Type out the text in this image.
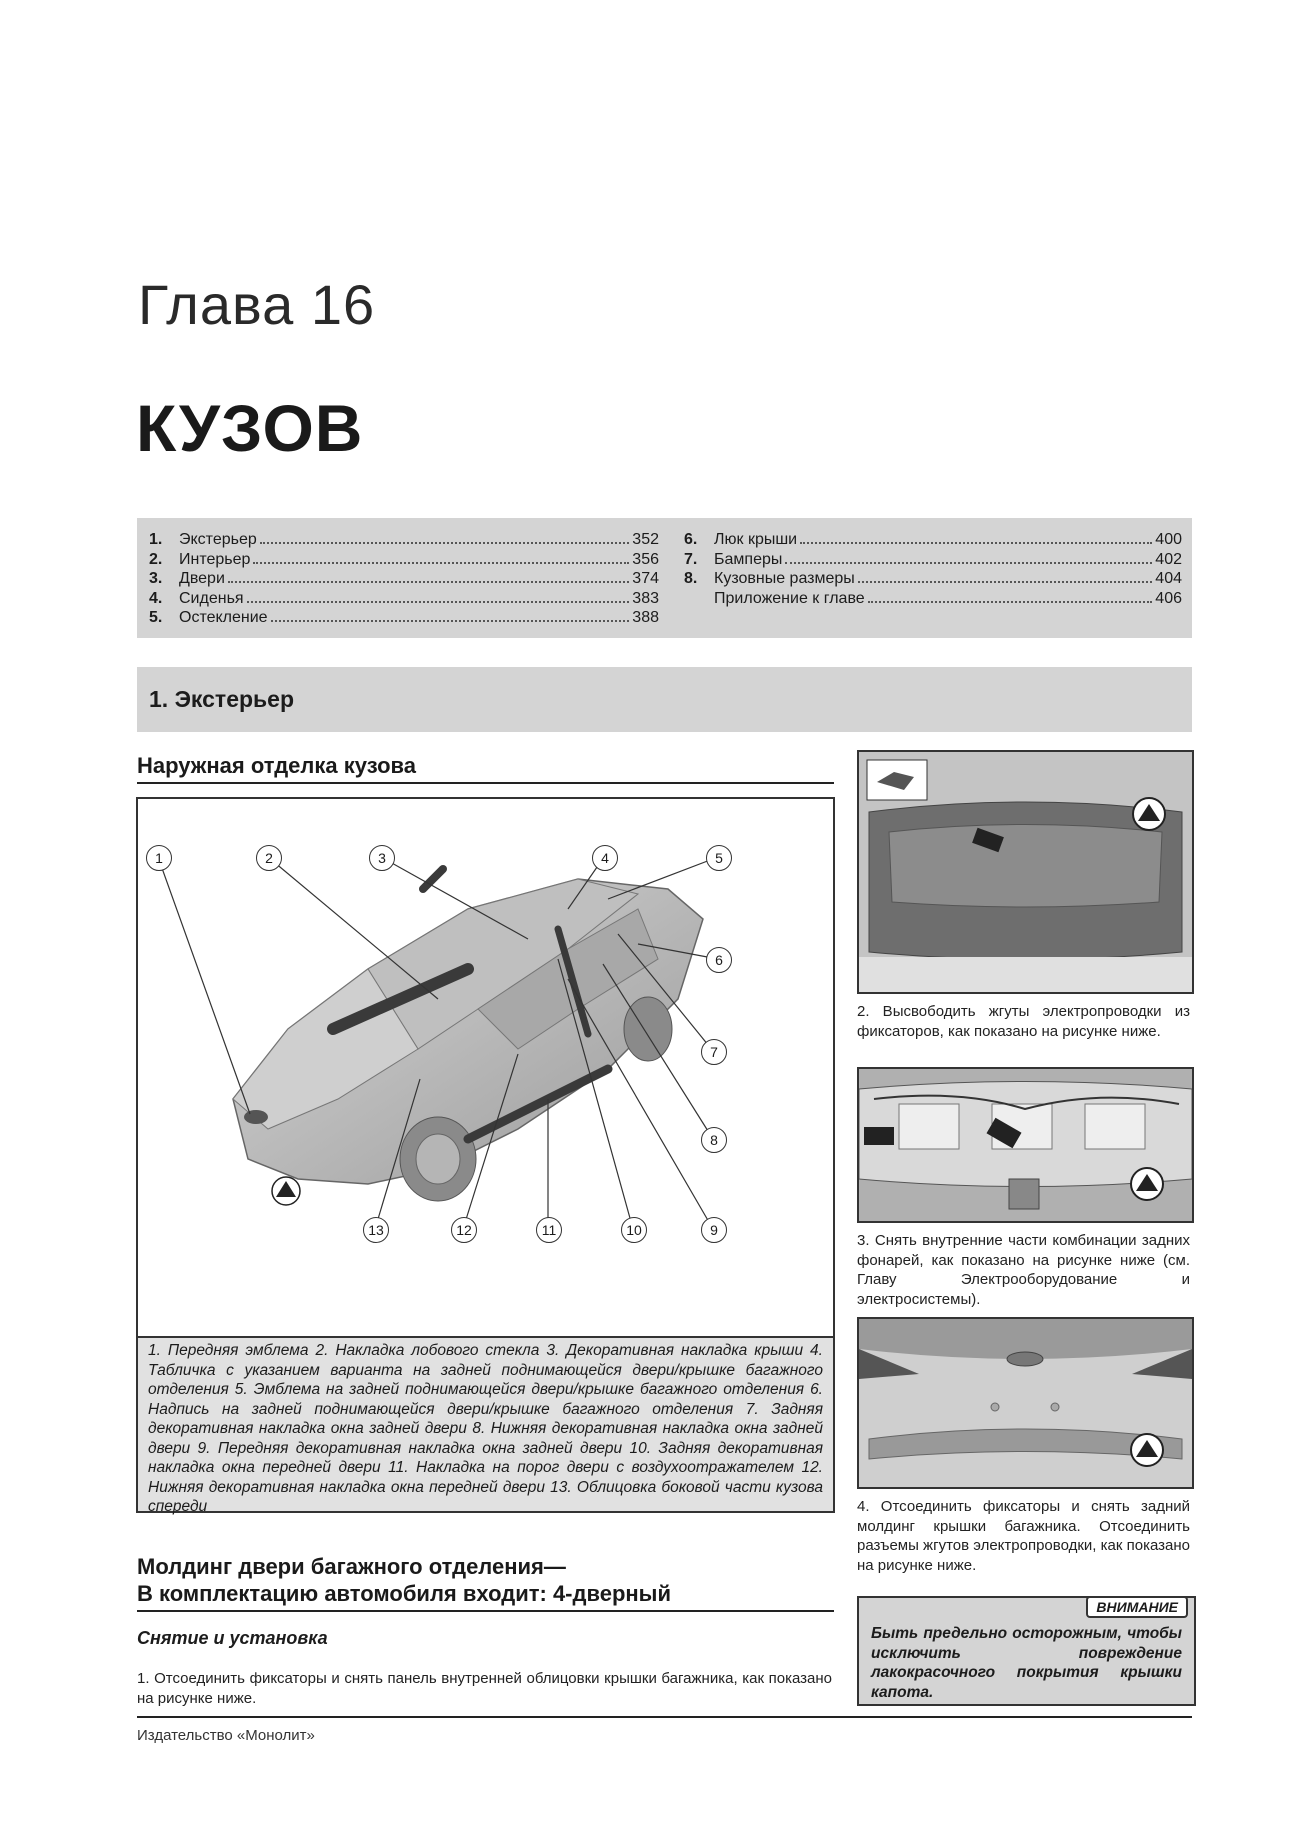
Глава 16
КУЗОВ
1.	Экстерьер	352
2.	Интерьер	356
3.	Двери	374
4.	Сиденья	383
5.	Остекление	388
6.	Люк крыши	400
7.	Бамперы	402
8.	Кузовные размеры	404
Приложение к главе	406
1. Экстерьер
Наружная отделка кузова
1	2	3	4	5
6
7
8
9
10
11
12
13
1. Передняя эмблема 2. Накладка лобового стекла 3. Декоративная накладка крыши 4. Табличка с указанием варианта на задней поднимающейся двери/крышке багажного отделения 5. Эмблема на задней поднимающейся двери/крышке багажного отделения 6. Надпись на задней поднимающейся двери/крышке багажного отделения 7. Задняя декоративная накладка окна задней двери 8. Нижняя декоративная накладка окна задней двери 9. Передняя декоративная накладка окна задней двери 10. Задняя декоративная накладка окна передней двери 11. Накладка на порог двери с воздухоотражателем 12. Нижняя декоративная накладка окна передней двери 13. Облицовка боковой части кузова спереди
Молдинг двери багажного отделения—
В комплектацию автомобиля входит: 4-дверный
Снятие и установка
1. Отсоединить фиксаторы и снять панель внутренней облицовки крышки багажника, как показано на рисунке ниже.
2. Высвободить жгуты электропроводки из фиксаторов, как показано на рисунке ниже.
3. Снять внутренние части комбинации задних фонарей, как показано на рисунке ниже (см. Главу Электрооборудование и электросистемы).
4. Отсоединить фиксаторы и снять задний молдинг крышки багажника. Отсоединить разъемы жгутов электропроводки, как показано на рисунке ниже.
ВНИМАНИЕ
Быть предельно осторожным, чтобы исключить повреждение лакокрасочного покрытия крышки капота.
Издательство «Монолит»
